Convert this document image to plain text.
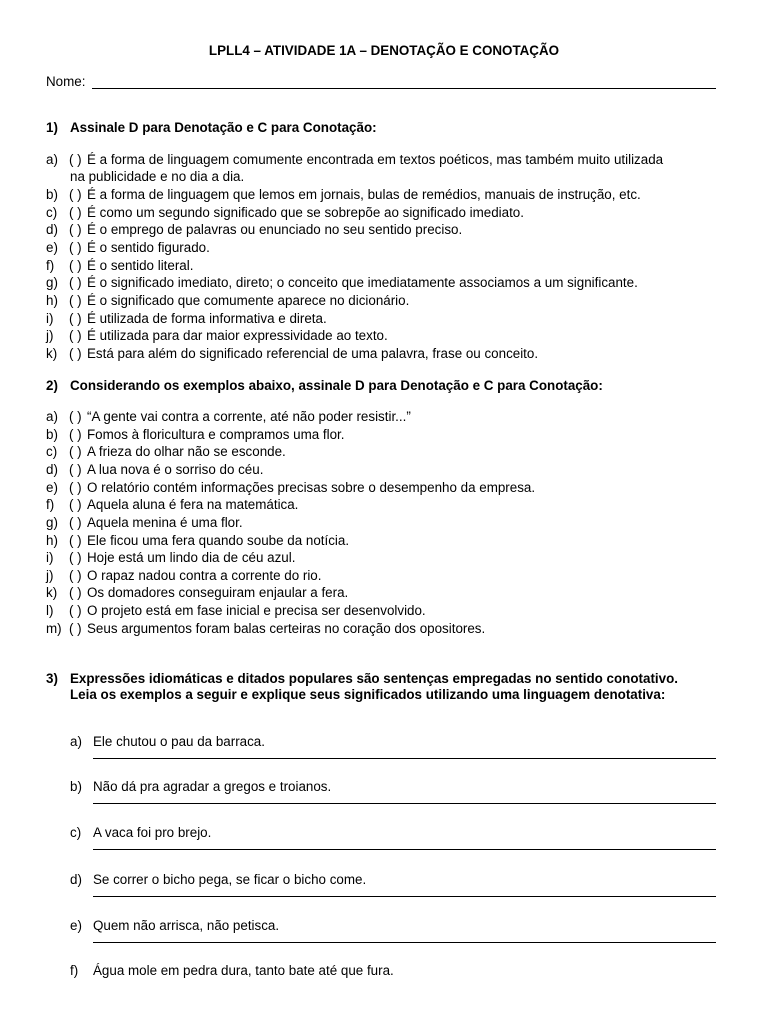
LPLL4 – ATIVIDADE 1A – DENOTAÇÃO E CONOTAÇÃO
Nome:
1) Assinale D para Denotação e C para Conotação:
a) ( ) É a forma de linguagem comumente encontrada em textos poéticos, mas também muito utilizada
na publicidade e no dia a dia.
b) ( ) É a forma de linguagem que lemos em jornais, bulas de remédios, manuais de instrução, etc.
c) ( ) É como um segundo significado que se sobrepõe ao significado imediato.
d) ( ) É o emprego de palavras ou enunciado no seu sentido preciso.
e) ( ) É o sentido figurado.
f) ( ) É o sentido literal.
g) ( ) É o significado imediato, direto; o conceito que imediatamente associamos a um significante.
h) ( ) É o significado que comumente aparece no dicionário.
i) ( ) É utilizada de forma informativa e direta.
j) ( ) É utilizada para dar maior expressividade ao texto.
k) ( ) Está para além do significado referencial de uma palavra, frase ou conceito.
2) Considerando os exemplos abaixo, assinale D para Denotação e C para Conotação:
a) ( ) “A gente vai contra a corrente, até não poder resistir...”
b) ( ) Fomos à floricultura e compramos uma flor.
c) ( ) A frieza do olhar não se esconde.
d) ( ) A lua nova é o sorriso do céu.
e) ( ) O relatório contém informações precisas sobre o desempenho da empresa.
f) ( ) Aquela aluna é fera na matemática.
g) ( ) Aquela menina é uma flor.
h) ( ) Ele ficou uma fera quando soube da notícia.
i) ( ) Hoje está um lindo dia de céu azul.
j) ( ) O rapaz nadou contra a corrente do rio.
k) ( ) Os domadores conseguiram enjaular a fera.
l) ( ) O projeto está em fase inicial e precisa ser desenvolvido.
m) ( ) Seus argumentos foram balas certeiras no coração dos opositores.
3) Expressões idiomáticas e ditados populares são sentenças empregadas no sentido conotativo.
Leia os exemplos a seguir e explique seus significados utilizando uma linguagem denotativa:
a) Ele chutou o pau da barraca.
b) Não dá pra agradar a gregos e troianos.
c) A vaca foi pro brejo.
d) Se correr o bicho pega, se ficar o bicho come.
e) Quem não arrisca, não petisca.
f) Água mole em pedra dura, tanto bate até que fura.
